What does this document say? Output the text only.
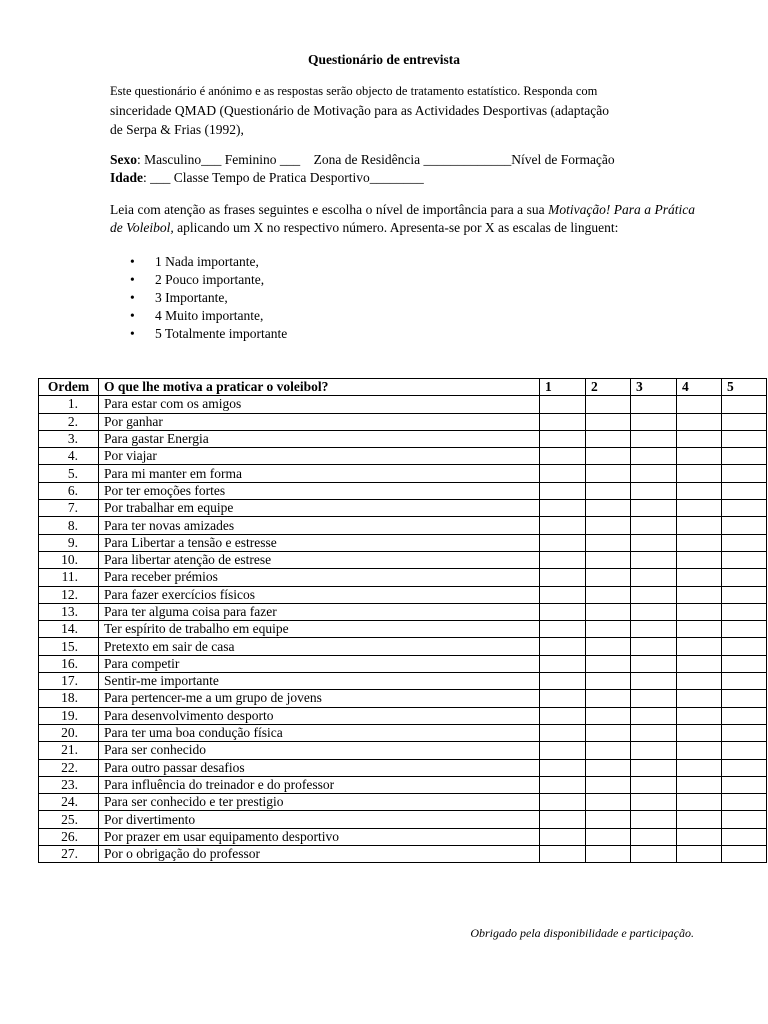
Questionário de entrevista
Este questionário é anónimo e as respostas serão objecto de tratamento estatístico. Responda com
sinceridade QMAD (Questionário de Motivação para as Actividades Desportivas (adaptação
de Serpa & Frias (1992),
Sexo: Masculino___ Feminino ___    Zona de Residência _____________Nível de Formação
Idade: ___ Classe Tempo de Pratica Desportivo________
Leia com atenção as frases seguintes e escolha o nível de importância para a sua Motivação! Para a Prática de Voleibol, aplicando um X no respectivo número. Apresenta-se por X as escalas de linguent:
• 1 Nada importante,
• 2 Pouco importante,
• 3 Importante,
• 4 Muito importante,
• 5 Totalmente importante
Ordem	O que lhe motiva a praticar o voleibol?	1	2	3	4	5
1.	Para estar com os amigos					
2.	Por ganhar					
3.	Para gastar Energia					
4.	Por viajar					
5.	Para mi manter em forma					
6.	Por ter emoções fortes					
7.	Por trabalhar em equipe					
8.	Para ter novas amizades					
9.	Para Libertar a tensão e estresse					
10.	Para libertar atenção de estrese					
11.	Para receber prémios					
12.	Para fazer exercícios físicos					
13.	Para ter alguma coisa para fazer					
14.	Ter espírito de trabalho em equipe					
15.	Pretexto em sair de casa					
16.	Para competir					
17.	Sentir-me importante					
18.	Para pertencer-me a um grupo de jovens					
19.	Para desenvolvimento desporto					
20.	Para ter uma boa condução física					
21.	Para ser conhecido					
22.	Para outro passar desafios					
23.	Para influência do treinador e do professor					
24.	Para ser conhecido e ter prestigio					
25.	Por divertimento					
26.	Por prazer em usar equipamento desportivo					
27.	Por o obrigação do professor					
Obrigado pela disponibilidade e participação.
